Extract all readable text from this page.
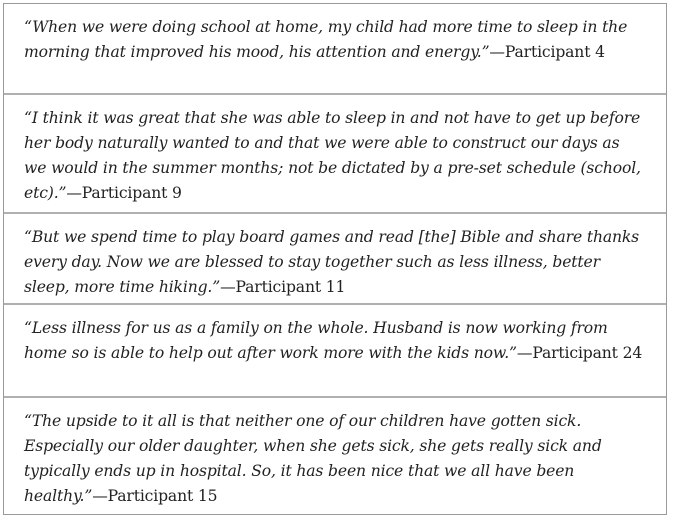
“When we were doing school at home, my child had more time to sleep in the morning that improved his mood, his attention and energy.”—Participant 4
“I think it was great that she was able to sleep in and not have to get up before her body naturally wanted to and that we were able to construct our days as we would in the summer months; not be dictated by a pre-set schedule (school, etc).”—Participant 9
“But we spend time to play board games and read [the] Bible and share thanks every day. Now we are blessed to stay together such as less illness, better sleep, more time hiking.”—Participant 11
“Less illness for us as a family on the whole. Husband is now working from home so is able to help out after work more with the kids now.”—Participant 24
“The upside to it all is that neither one of our children have gotten sick. Especially our older daughter, when she gets sick, she gets really sick and typically ends up in hospital. So, it has been nice that we all have been healthy.”—Participant 15
